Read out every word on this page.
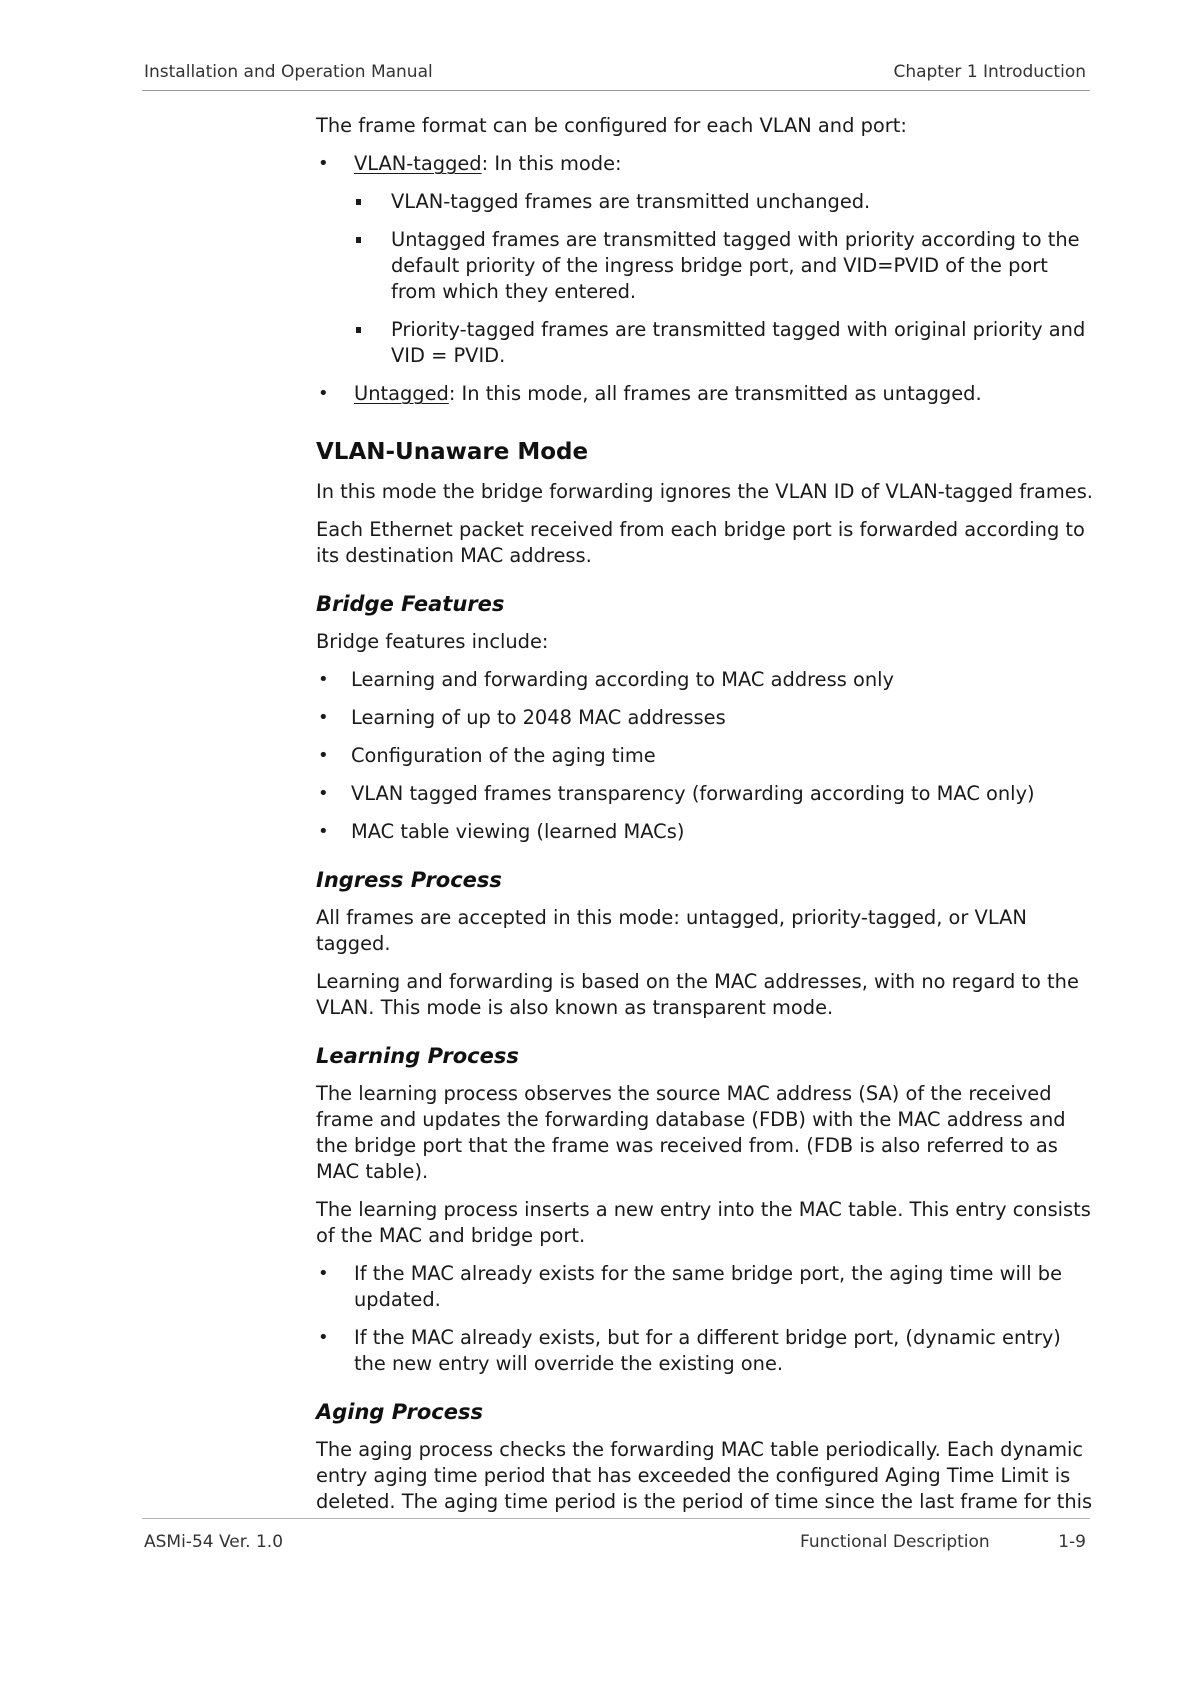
Installation and Operation Manual	Chapter 1 Introduction

The frame format can be configured for each VLAN and port:

• VLAN-tagged: In this mode:
VLAN-tagged frames are transmitted unchanged.
Untagged frames are transmitted tagged with priority according to the default priority of the ingress bridge port, and VID=PVID of the port from which they entered.
Priority-tagged frames are transmitted tagged with original priority and VID = PVID.
• Untagged: In this mode, all frames are transmitted as untagged.
VLAN-Unaware Mode

In this mode the bridge forwarding ignores the VLAN ID of VLAN-tagged frames.

Each Ethernet packet received from each bridge port is forwarded according to its destination MAC address.

Bridge Features

Bridge features include:

• Learning and forwarding according to MAC address only
• Learning of up to 2048 MAC addresses
• Configuration of the aging time
• VLAN tagged frames transparency (forwarding according to MAC only)
• MAC table viewing (learned MACs)
Ingress Process

All frames are accepted in this mode: untagged, priority-tagged, or VLAN tagged.

Learning and forwarding is based on the MAC addresses, with no regard to the VLAN. This mode is also known as transparent mode.

Learning Process

The learning process observes the source MAC address (SA) of the received frame and updates the forwarding database (FDB) with the MAC address and the bridge port that the frame was received from. (FDB is also referred to as MAC table).

The learning process inserts a new entry into the MAC table. This entry consists of the MAC and bridge port.

• If the MAC already exists for the same bridge port, the aging time will be updated.
• If the MAC already exists, but for a different bridge port, (dynamic entry) the new entry will override the existing one.
Aging Process

The aging process checks the forwarding MAC table periodically. Each dynamic entry aging time period that has exceeded the configured Aging Time Limit is deleted. The aging time period is the period of time since the last frame for this

ASMi-54 Ver. 1.0	Functional Description	1-9
